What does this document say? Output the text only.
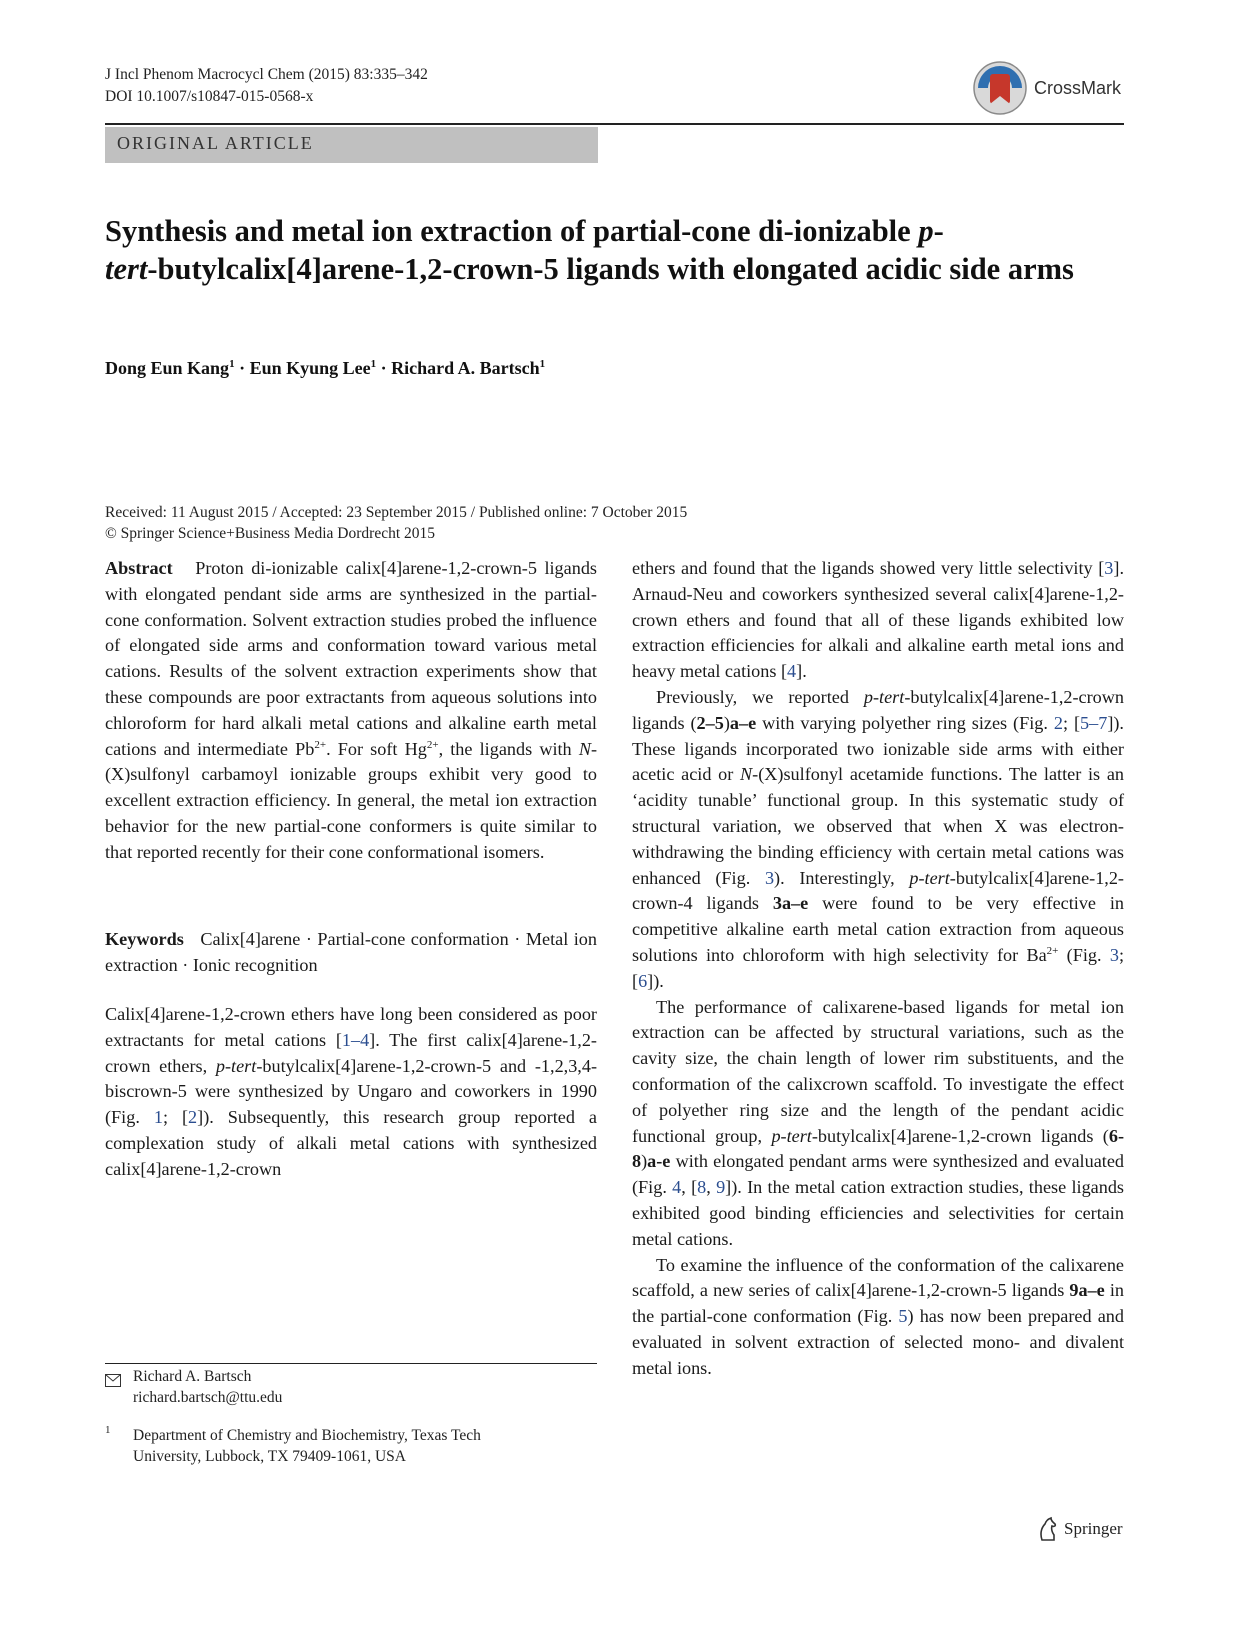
J Incl Phenom Macrocycl Chem (2015) 83:335–342
DOI 10.1007/s10847-015-0568-x	CrossMark
ORIGINAL ARTICLE
Synthesis and metal ion extraction of partial-cone di-ionizable p-
tert-butylcalix[4]arene-1,2-crown-5 ligands with elongated acidic side arms
Dong Eun Kang$^1$ · Eun Kyung Lee$^1$ · Richard A. Bartsch$^1$
Received: 11 August 2015 / Accepted: 23 September 2015 / Published online: 7 October 2015
© Springer Science+Business Media Dordrecht 2015

Abstract Proton di-ionizable calix[4]arene-1,2-crown-5 ligands with elongated pendant side arms are synthesized in the partial-cone conformation. Solvent extraction studies probed the influence of elongated side arms and conformation toward various metal cations. Results of the solvent extraction experiments show that these compounds are poor extractants from aqueous solutions into chloroform for hard alkali metal cations and alkaline earth metal cations and intermediate $Pb^{2+}$. For soft $Hg^{2+}$, the ligands with N-(X)sulfonyl carbamoyl ionizable groups exhibit very good to excellent extraction efficiency. In general, the metal ion extraction behavior for the new partial-cone conformers is quite similar to that reported recently for their cone conformational isomers.

Keywords Calix[4]arene · Partial-cone conformation · Metal ion extraction · Ionic recognition

Calix[4]arene-1,2-crown ethers have long been considered as poor extractants for metal cations [1–4]. The first calix[4]arene-1,2-crown ethers, p-tert-butylcalix[4]arene-1,2-crown-5 and -1,2,3,4-biscrown-5 were synthesized by Ungaro and coworkers in 1990 (Fig. 1; [2]). Subsequently, this research group reported a complexation study of alkali metal cations with synthesized calix[4]arene-1,2-crown

ethers and found that the ligands showed very little selectivity [3]. Arnaud-Neu and coworkers synthesized several calix[4]arene-1,2-crown ethers and found that all of these ligands exhibited low extraction efficiencies for alkali and alkaline earth metal ions and heavy metal cations [4].

Previously, we reported p-tert-butylcalix[4]arene-1,2-crown ligands (2–5)a–e with varying polyether ring sizes (Fig. 2; [5–7]). These ligands incorporated two ionizable side arms with either acetic acid or N-(X)sulfonyl acetamide functions. The latter is an ‘acidity tunable’ functional group. In this systematic study of structural variation, we observed that when X was electron-withdrawing the binding efficiency with certain metal cations was enhanced (Fig. 3). Interestingly, p-tert-butylcalix[4]arene-1,2-crown-4 ligands 3a–e were found to be very effective in competitive alkaline earth metal cation extraction from aqueous solutions into chloroform with high selectivity for $Ba^{2+}$ (Fig. 3; [6]).

The performance of calixarene-based ligands for metal ion extraction can be affected by structural variations, such as the cavity size, the chain length of lower rim substituents, and the conformation of the calixcrown scaffold. To investigate the effect of polyether ring size and the length of the pendant acidic functional group, p-tert-butylcalix[4]arene-1,2-crown ligands (6-8)a-e with elongated pendant arms were synthesized and evaluated (Fig. 4, [8, 9]). In the metal cation extraction studies, these ligands exhibited good binding efficiencies and selectivities for certain metal cations.

To examine the influence of the conformation of the calixarene scaffold, a new series of calix[4]arene-1,2-crown-5 ligands 9a–e in the partial-cone conformation (Fig. 5) has now been prepared and evaluated in solvent extraction of selected mono- and divalent metal ions.

Richard A. Bartsch
richard.bartsch@ttu.edu
1 Department of Chemistry and Biochemistry, Texas Tech
University, Lubbock, TX 79409-1061, USA
Springer
